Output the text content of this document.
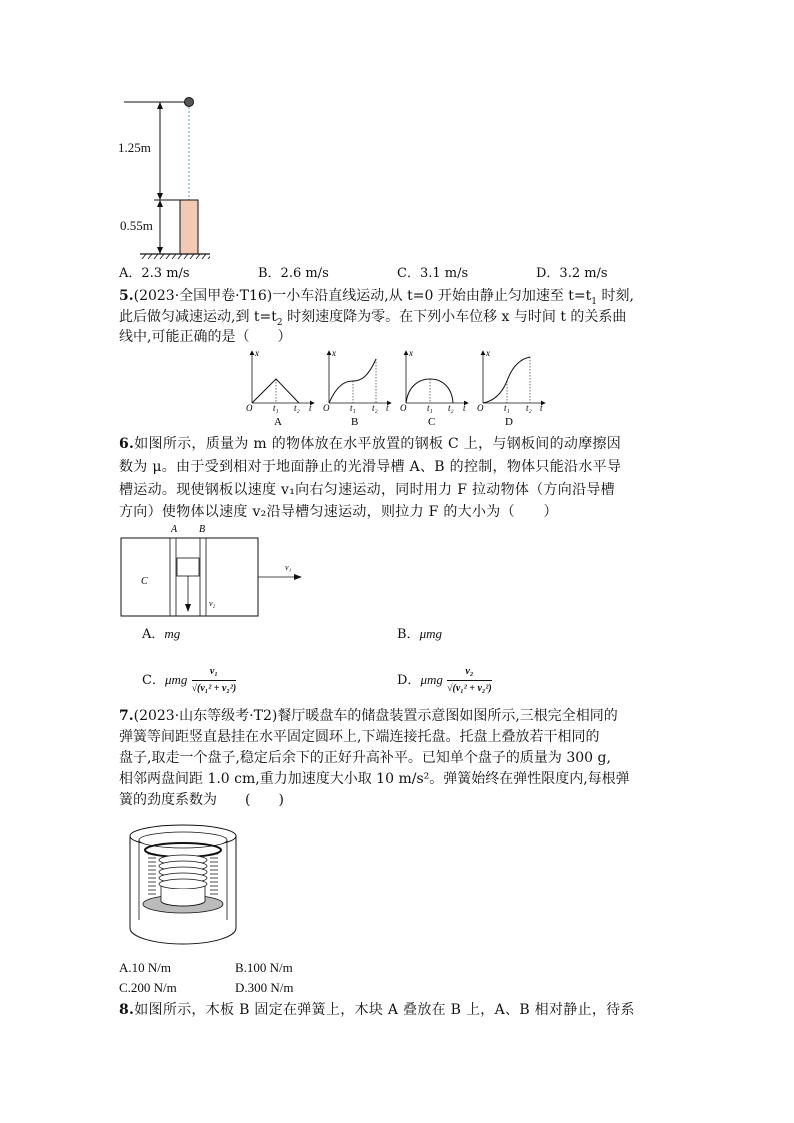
1.25m
0.55m
A．2.3 m/s	B．2.6 m/s	C．3.1 m/s	D．3.2 m/s
5.(2023·全国甲卷·T16)一小车沿直线运动,从 t=0 开始由静止匀加速至 $t=t_1$ 时刻,
此后做匀减速运动,到 $t=t_2$ 时刻速度降为零。在下列小车位移 x 与时间 t 的关系曲
线中,可能正确的是（　　）
x	x	x	x O	O	O	O t₁ t₂ t	t₁ t₂ t	t₁ t₂ t	t₁ t₂ t
A	B	C	D
6.如图所示，质量为 m 的物体放在水平放置的钢板 C 上，与钢板间的动摩擦因
数为 μ。由于受到相对于地面静止的光滑导槽 A、B 的控制，物体只能沿水平导
槽运动。现使钢板以速度 v₁向右匀速运动，同时用力 F 拉动物体（方向沿导槽
方向）使物体以速度 v₂沿导槽匀速运动，则拉力 F 的大小为（　　）
A B C v₁ v₂
A．mg	B．μmg
C．μmg $\frac{\text{v₁}}{\text{√(v₁² + v₂²)}}$	D．μmg $\frac{\text{v₂}}{\text{√(v₁² + v₂²)}}$
7.(2023·山东等级考·T2)餐厅暖盘车的储盘装置示意图如图所示,三根完全相同的
弹簧等间距竖直悬挂在水平固定圆环上,下端连接托盘。托盘上叠放若干相同的
盘子,取走一个盘子,稳定后余下的正好升高补平。已知单个盘子的质量为 300 g,
相邻两盘间距 1.0 cm,重力加速度大小取 10 m/s²。弹簧始终在弹性限度内,每根弹
簧的劲度系数为　　(　　)
A.10 N/m	B.100 N/m
C.200 N/m	D.300 N/m
8.如图所示，木板 B 固定在弹簧上，木块 A 叠放在 B 上，A、B 相对静止，待系
